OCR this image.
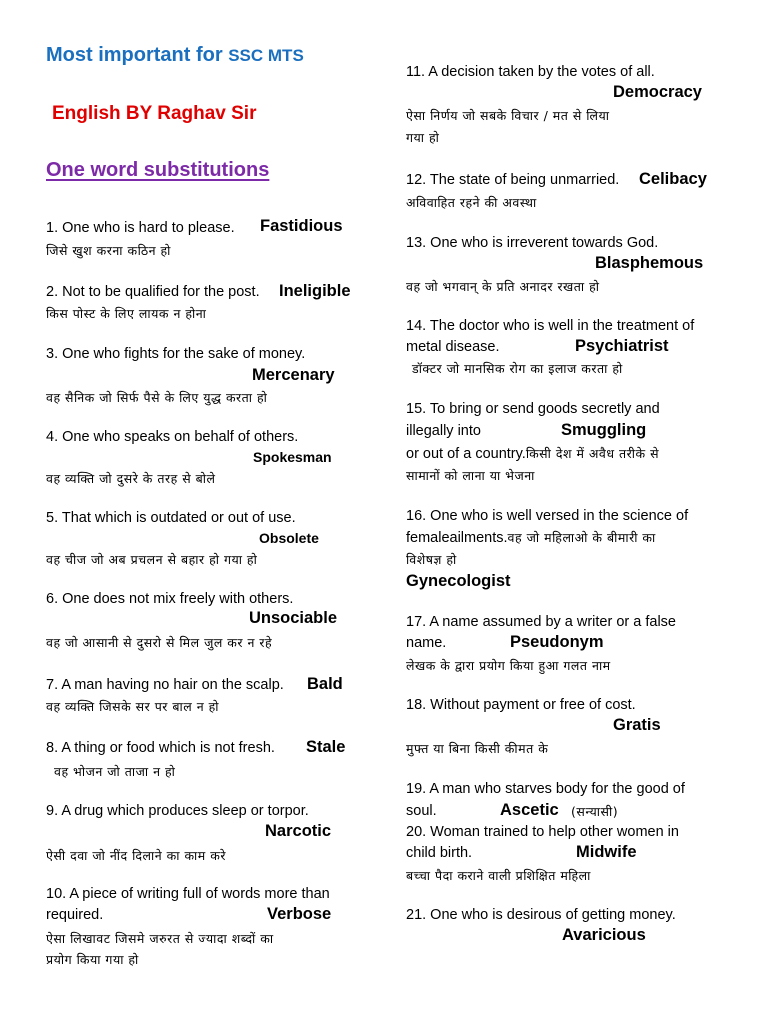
Most important for SSC MTS
English BY Raghav Sir
One word substitutions
1. One who is hard to please. Fastidious
जिसे खुश करना कठिन हो
2. Not to be qualified for the post. Ineligible
किस पोस्ट के लिए लायक न होना
3. One who fights for the sake of money.
Mercenary
वह सैनिक जो सिर्फ पैसे के लिए युद्ध करता हो
4. One who speaks on behalf of others.
Spokesman
वह व्यक्ति जो दुसरे के तरह से बोले
5. That which is outdated or out of use.
Obsolete
वह चीज जो अब प्रचलन से बहार हो गया हो
6. One does not mix freely with others.
Unsociable
वह जो आसानी से दुसरो से मिल जुल कर न रहे
7. A man having no hair on the scalp. Bald
वह व्यक्ति जिसके सर पर बाल न हो
8. A thing or food which is not fresh. Stale
वह भोजन जो ताजा न हो
9. A drug which produces sleep or torpor.
Narcotic
ऐसी दवा जो नींद दिलाने का काम करे
10. A piece of writing full of words more than
required.	Verbose
ऐसा लिखावट जिसमे जरुरत से ज्यादा शब्दों का
प्रयोग किया गया हो
11. A decision taken by the votes of all.
Democracy
ऐसा निर्णय जो सबके विचार / मत से लिया
गया हो
12. The state of being unmarried. Celibacy
अविवाहित रहने की अवस्था
13. One who is irreverent towards God.
Blasphemous
वह जो भगवान् के प्रति अनादर रखता हो
14. The doctor who is well in the treatment of
metal disease.	Psychiatrist
डॉक्टर जो मानसिक रोग का इलाज करता हो
15. To bring or send goods secretly and
illegally into	Smuggling
or out of a country.किसी देश में अवैध तरीके से
सामानों को लाना या भेजना
16. One who is well versed in the science of
femaleailments.वह जो महिलाओ के बीमारी का
विशेषज्ञ हो
Gynecologist
17. A name assumed by a writer or a false
name.	Pseudonym
लेखक के द्वारा प्रयोग किया हुआ गलत नाम
18. Without payment or free of cost.
Gratis
मुफ्त या बिना किसी कीमत के
19. A man who starves body for the good of
soul.	Ascetic (सन्यासी)
20. Woman trained to help other women in
child birth.	Midwife
बच्चा पैदा कराने वाली प्रशिक्षित महिला
21. One who is desirous of getting money.
Avaricious
